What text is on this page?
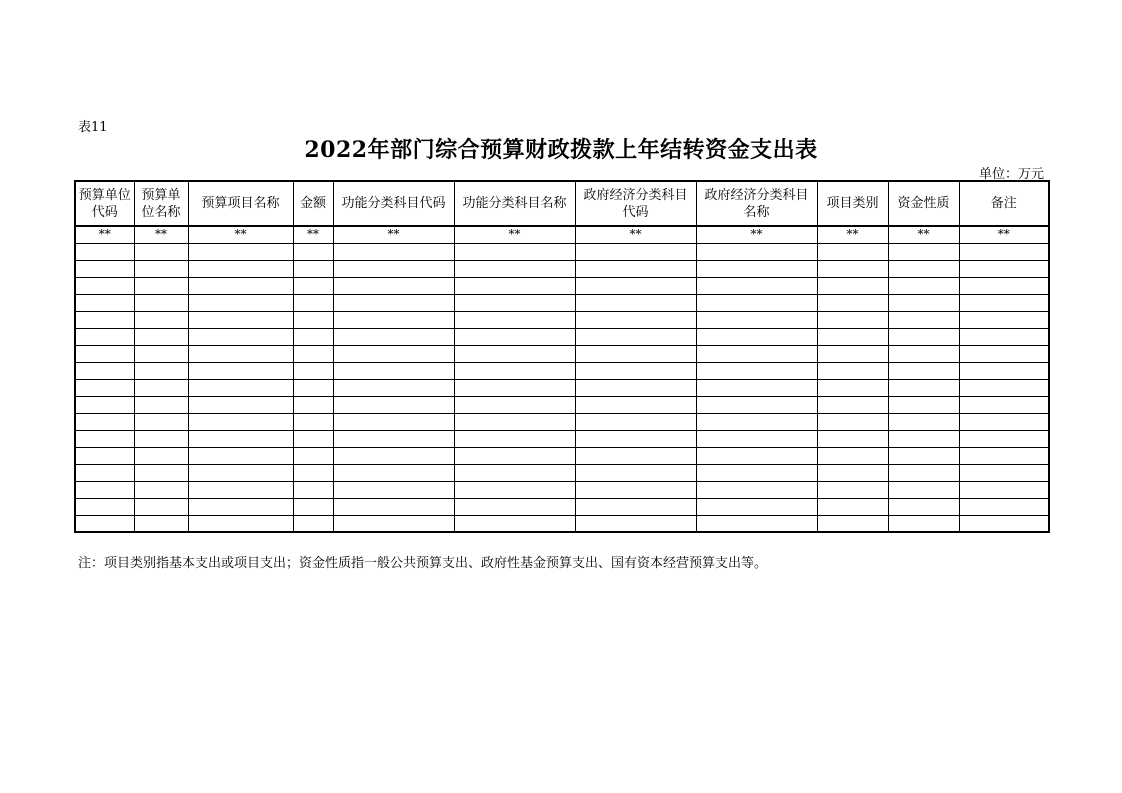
表11
2022年部门综合预算财政拨款上年结转资金支出表
单位：万元
预算单位代码	预算单位名称	预算项目名称	金额	功能分类科目代码	功能分类科目名称	政府经济分类科目代码	政府经济分类科目名称	项目类别	资金性质	备注
**	**	**	**	**	**	**	**	**	**	**

注：项目类别指基本支出或项目支出；资金性质指一般公共预算支出、政府性基金预算支出、国有资本经营预算支出等。
